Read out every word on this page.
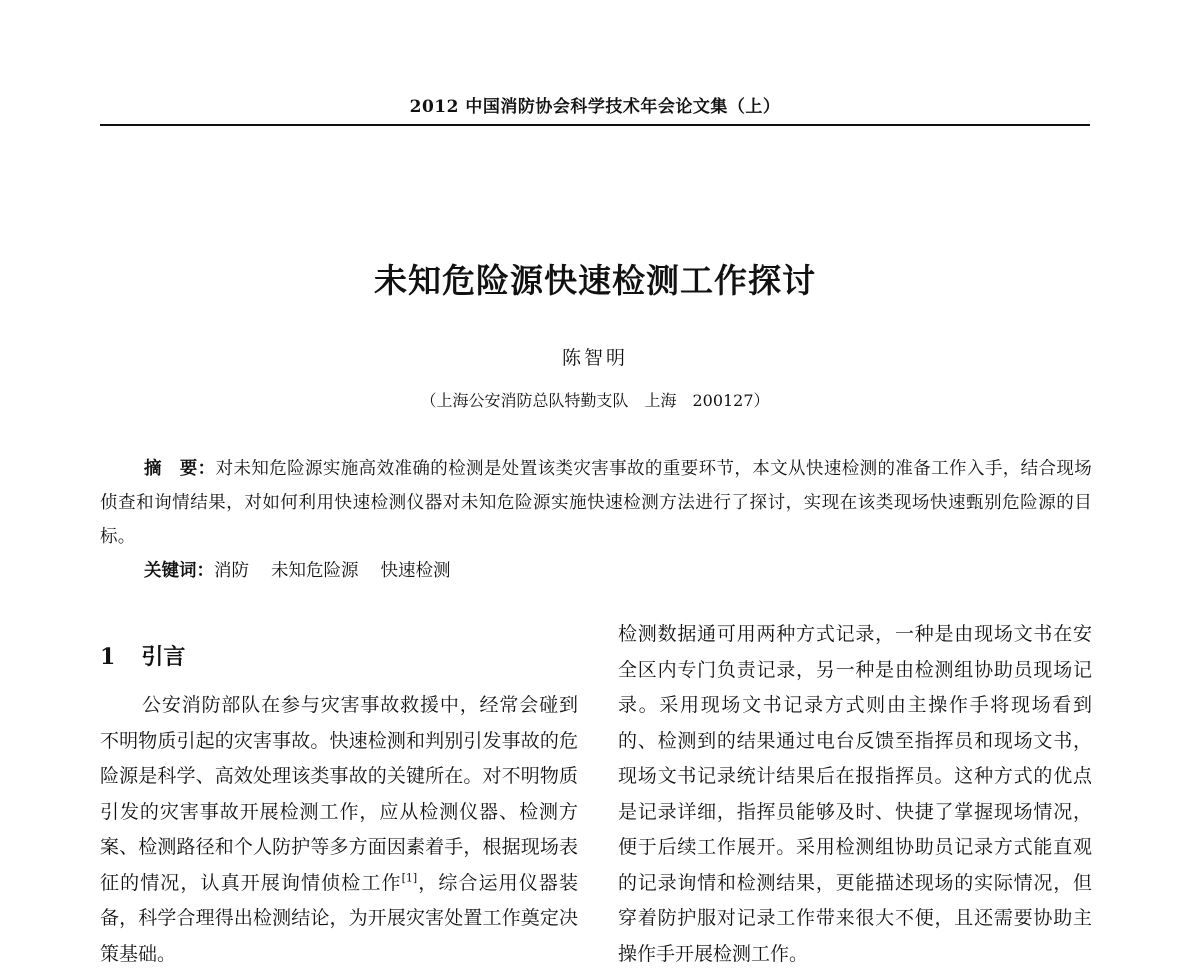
2012 中国消防协会科学技术年会论文集（上）
未知危险源快速检测工作探讨
陈智明
（上海公安消防总队特勤支队　上海　200127）
摘　要：对未知危险源实施高效准确的检测是处置该类灾害事故的重要环节，本文从快速检测的准备工作入手，结合现场侦查和询情结果，对如何利用快速检测仪器对未知危险源实施快速检测方法进行了探讨，实现在该类现场快速甄别危险源的目标。
关键词：消防 未知危险源 快速检测
1 引言
公安消防部队在参与灾害事故救援中，经常会碰到不明物质引起的灾害事故。快速检测和判别引发事故的危险源是科学、高效处理该类事故的关键所在。对不明物质引发的灾害事故开展检测工作，应从检测仪器、检测方案、检测路径和个人防护等多方面因素着手，根据现场表征的情况，认真开展询情侦检工作[1]，综合运用仪器装备，科学合理得出检测结论，为开展灾害处置工作奠定决策基础。
检测数据通可用两种方式记录，一种是由现场文书在安全区内专门负责记录，另一种是由检测组协助员现场记录。采用现场文书记录方式则由主操作手将现场看到的、检测到的结果通过电台反馈至指挥员和现场文书，现场文书记录统计结果后在报指挥员。这种方式的优点是记录详细，指挥员能够及时、快捷了掌握现场情况，便于后续工作展开。采用检测组协助员记录方式能直观的记录询情和检测结果，更能描述现场的实际情况，但穿着防护服对记录工作带来很大不便，且还需要协助主操作手开展检测工作。
